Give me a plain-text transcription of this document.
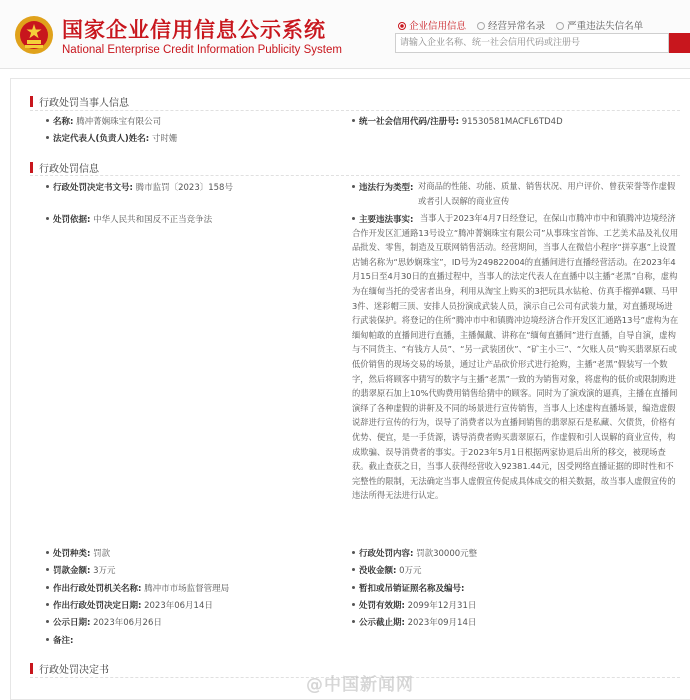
国家企业信用信息公示系统
National Enterprise Credit Information Publicity System
企业信用信息 经营异常名录 严重违法失信名单
请输入企业名称、统一社会信用代码或注册号
行政处罚当事人信息
名称: 腾冲菁娴珠宝有限公司	统一社会信用代码/注册号: 91530581MACFL6TD4D
法定代表人(负责人)姓名: 寸时姗
行政处罚信息
行政处罚决定书文号: 腾市监罚〔2023〕158号	违法行为类型: 对商品的性能、功能、质量、销售状况、用户评价、曾获荣誉等作虚假或者引人误解的商业宣传
处罚依据: 中华人民共和国反不正当竞争法	主要违法事实: 当事人于2023年4月7日经登记，在保山市腾冲市中和镇腾冲边境经济合作开发区汇通路13号设立“腾冲菁娴珠宝有限公司”从事珠宝首饰、工艺美术品及礼仪用品批发、零售，制造及互联网销售活动。经营期间，当事人在微信小程序“拼享惠”上设置店铺名称为“思妙娴珠宝”，ID号为249822004的直播间进行直播经营活动。在2023年4月15日至4月30日的直播过程中，当事人的法定代表人在直播中以主播“老黑”自称，虚构为在缅甸当托的受害者出身，利用从淘宝上购买的3把玩具水钻枪、仿真手榴弹4颗、马甲3件、迷彩帽三顶、安排人员扮演成武装人员，演示自己公司有武装力量，对直播现场进行武装保护。将登记的住所“腾冲市中和镇腾冲边境经济合作开发区汇通路13号”虚构为在缅甸帕敢的直播间进行直播，主播佩戴、讲称在“缅甸直播间”进行直播，自导自演，虚构与不同货主、“有钱方人员”、“另一武装团伙”、“矿主小三”、“欠账人员”购买翡翠原石或低价销售的现场交易的场景，通过让产品砍价形式进行抢购，主播“老黑”假装写一个数字，然后将顾客中猜写的数字与主播“老黑”一致的为销售对象，将虚构的低价或限制购进的翡翠原石加上10%代购费用销售给猜中的顾客。同时为了演戏演的逼真，主播在直播间演绎了各种虚假的讲鼾及不同的场景进行宣传销售，当事人上述虚构直播场景，编造虚假说辞进行宣传的行为，误导了消费者以为直播间销售的翡翠原石是私藏、欠债货，价格有优势、便宜，是一手货源，诱导消费者购买翡翠原石，作虚假和引人误解的商业宣传，构成欺骗、误导消费者的事实。于2023年5月1日根据两家协退后出所的移交，被现场查获。截止查获之日，当事人获得经营收入92381.44元，因受网络直播证据的即时性和不完整性的限制，无法确定当事人虚假宣传促成具体成交的相关数据，故当事人虚假宣传的违法所得无法进行认定。
处罚种类: 罚款	行政处罚内容: 罚款30000元整
罚款金额: 3万元	没收金额: 0万元
作出行政处罚机关名称: 腾冲市市场监督管理局	暂扣或吊销证照名称及编号:
作出行政处罚决定日期: 2023年06月14日	处罚有效期: 2099年12月31日
公示日期: 2023年06月26日	公示截止期: 2023年09月14日
备注:
行政处罚决定书
@中国新闻网
